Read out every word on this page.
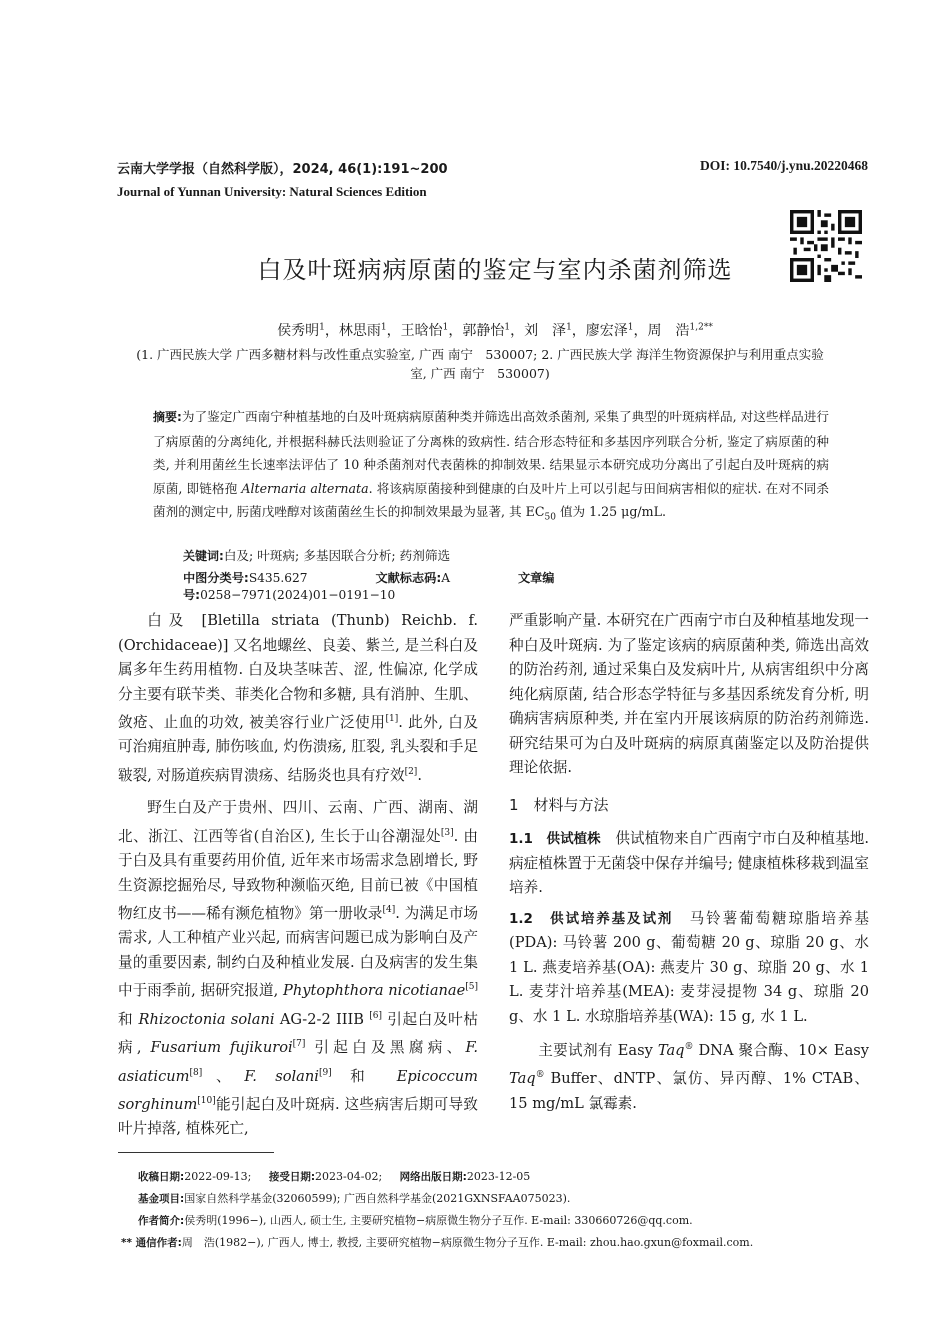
云南大学学报（自然科学版），2024, 46(1):191~200	DOI: 10.7540/j.ynu.20220468
Journal of Yunnan University: Natural Sciences Edition
白及叶斑病病原菌的鉴定与室内杀菌剂筛选
侯秀明$^1$，林思雨$^1$，王晗怡$^1$，郭静怡$^1$，刘　泽$^1$，廖宏泽$^1$，周　浩$^{1,2**}$
(1. 广西民族大学 广西多糖材料与改性重点实验室, 广西 南宁　530007; 2. 广西民族大学 海洋生物资源保护与利用重点实验室, 广西 南宁　530007)
摘要:为了鉴定广西南宁种植基地的白及叶斑病病原菌种类并筛选出高效杀菌剂, 采集了典型的叶斑病样品, 对这些样品进行了病原菌的分离纯化, 并根据科赫氏法则验证了分离株的致病性. 结合形态特征和多基因序列联合分析, 鉴定了病原菌的种类, 并利用菌丝生长速率法评估了 10 种杀菌剂对代表菌株的抑制效果. 结果显示本研究成功分离出了引起白及叶斑病的病原菌, 即链格孢 Alternaria alternata. 将该病原菌接种到健康的白及叶片上可以引起与田间病害相似的症状. 在对不同杀菌剂的测定中, 肟菌戊唑醇对该菌菌丝生长的抑制效果最为显著, 其 $EC_{50}$ 值为 1.25 μg/mL.
关键词:白及; 叶斑病; 多基因联合分析; 药剂筛选
中图分类号:S435.627	文献标志码:A	文章编号:0258−7971(2024)01−0191−10

白及 [Bletilla striata (Thunb) Reichb. f. (Orchidaceae)] 又名地螺丝、良姜、紫兰, 是兰科白及属多年生药用植物. 白及块茎味苦、涩, 性偏凉, 化学成分主要有联苄类、菲类化合物和多糖, 具有消肿、生肌、敛疮、止血的功效, 被美容行业广泛使用[1]. 此外, 白及可治痈疽肿毒, 肺伤咳血, 灼伤溃疡, 肛裂, 乳头裂和手足皲裂, 对肠道疾病胃溃疡、结肠炎也具有疗效[2].

野生白及产于贵州、四川、云南、广西、湖南、湖北、浙江、江西等省(自治区), 生长于山谷潮湿处[3]. 由于白及具有重要药用价值, 近年来市场需求急剧增长, 野生资源挖掘殆尽, 导致物种濒临灭绝, 目前已被《中国植物红皮书——稀有濒危植物》第一册收录[4]. 为满足市场需求, 人工种植产业兴起, 而病害问题已成为影响白及产量的重要因素, 制约白及种植业发展. 白及病害的发生集中于雨季前, 据研究报道, Phytophthora nicotianae[5] 和 Rhizoctonia solani AG-2-2 IIIB [6] 引起白及叶枯病, Fusarium fujikuroi[7] 引起白及黑腐病、F. asiaticum[8]、F. solani[9] 和 Epicoccum sorghinum[10]能引起白及叶斑病. 这些病害后期可导致叶片掉落, 植株死亡,

严重影响产量. 本研究在广西南宁市白及种植基地发现一种白及叶斑病. 为了鉴定该病的病原菌种类, 筛选出高效的防治药剂, 通过采集白及发病叶片, 从病害组织中分离纯化病原菌, 结合形态学特征与多基因系统发育分析, 明确病害病原种类, 并在室内开展该病原的防治药剂筛选. 研究结果可为白及叶斑病的病原真菌鉴定以及防治提供理论依据.

1　材料与方法

1.1　供试植株　供试植物来自广西南宁市白及种植基地. 病症植株置于无菌袋中保存并编号; 健康植株移栽到温室培养.

1.2　供试培养基及试剂　马铃薯葡萄糖琼脂培养基(PDA): 马铃薯 200 g、葡萄糖 20 g、琼脂 20 g、水 1 L. 燕麦培养基(OA): 燕麦片 30 g、琼脂 20 g、水 1 L. 麦芽汁培养基(MEA): 麦芽浸提物 34 g、琼脂 20 g、水 1 L. 水琼脂培养基(WA): 15 g, 水 1 L.

主要试剂有 Easy Taq® DNA 聚合酶、10× Easy Taq® Buffer、dNTP、氯仿、异丙醇、1% CTAB、15 mg/mL 氯霉素.

收稿日期:2022-09-13; 接受日期:2023-04-02; 网络出版日期:2023-12-05
基金项目:国家自然科学基金(32060599); 广西自然科学基金(2021GXNSFAA075023).
作者简介:侯秀明(1996−), 山西人, 硕士生, 主要研究植物−病原微生物分子互作. E-mail: 330660726@qq.com.
** 通信作者:周　浩(1982−), 广西人, 博士, 教授, 主要研究植物−病原微生物分子互作. E-mail: zhou.hao.gxun@foxmail.com.
